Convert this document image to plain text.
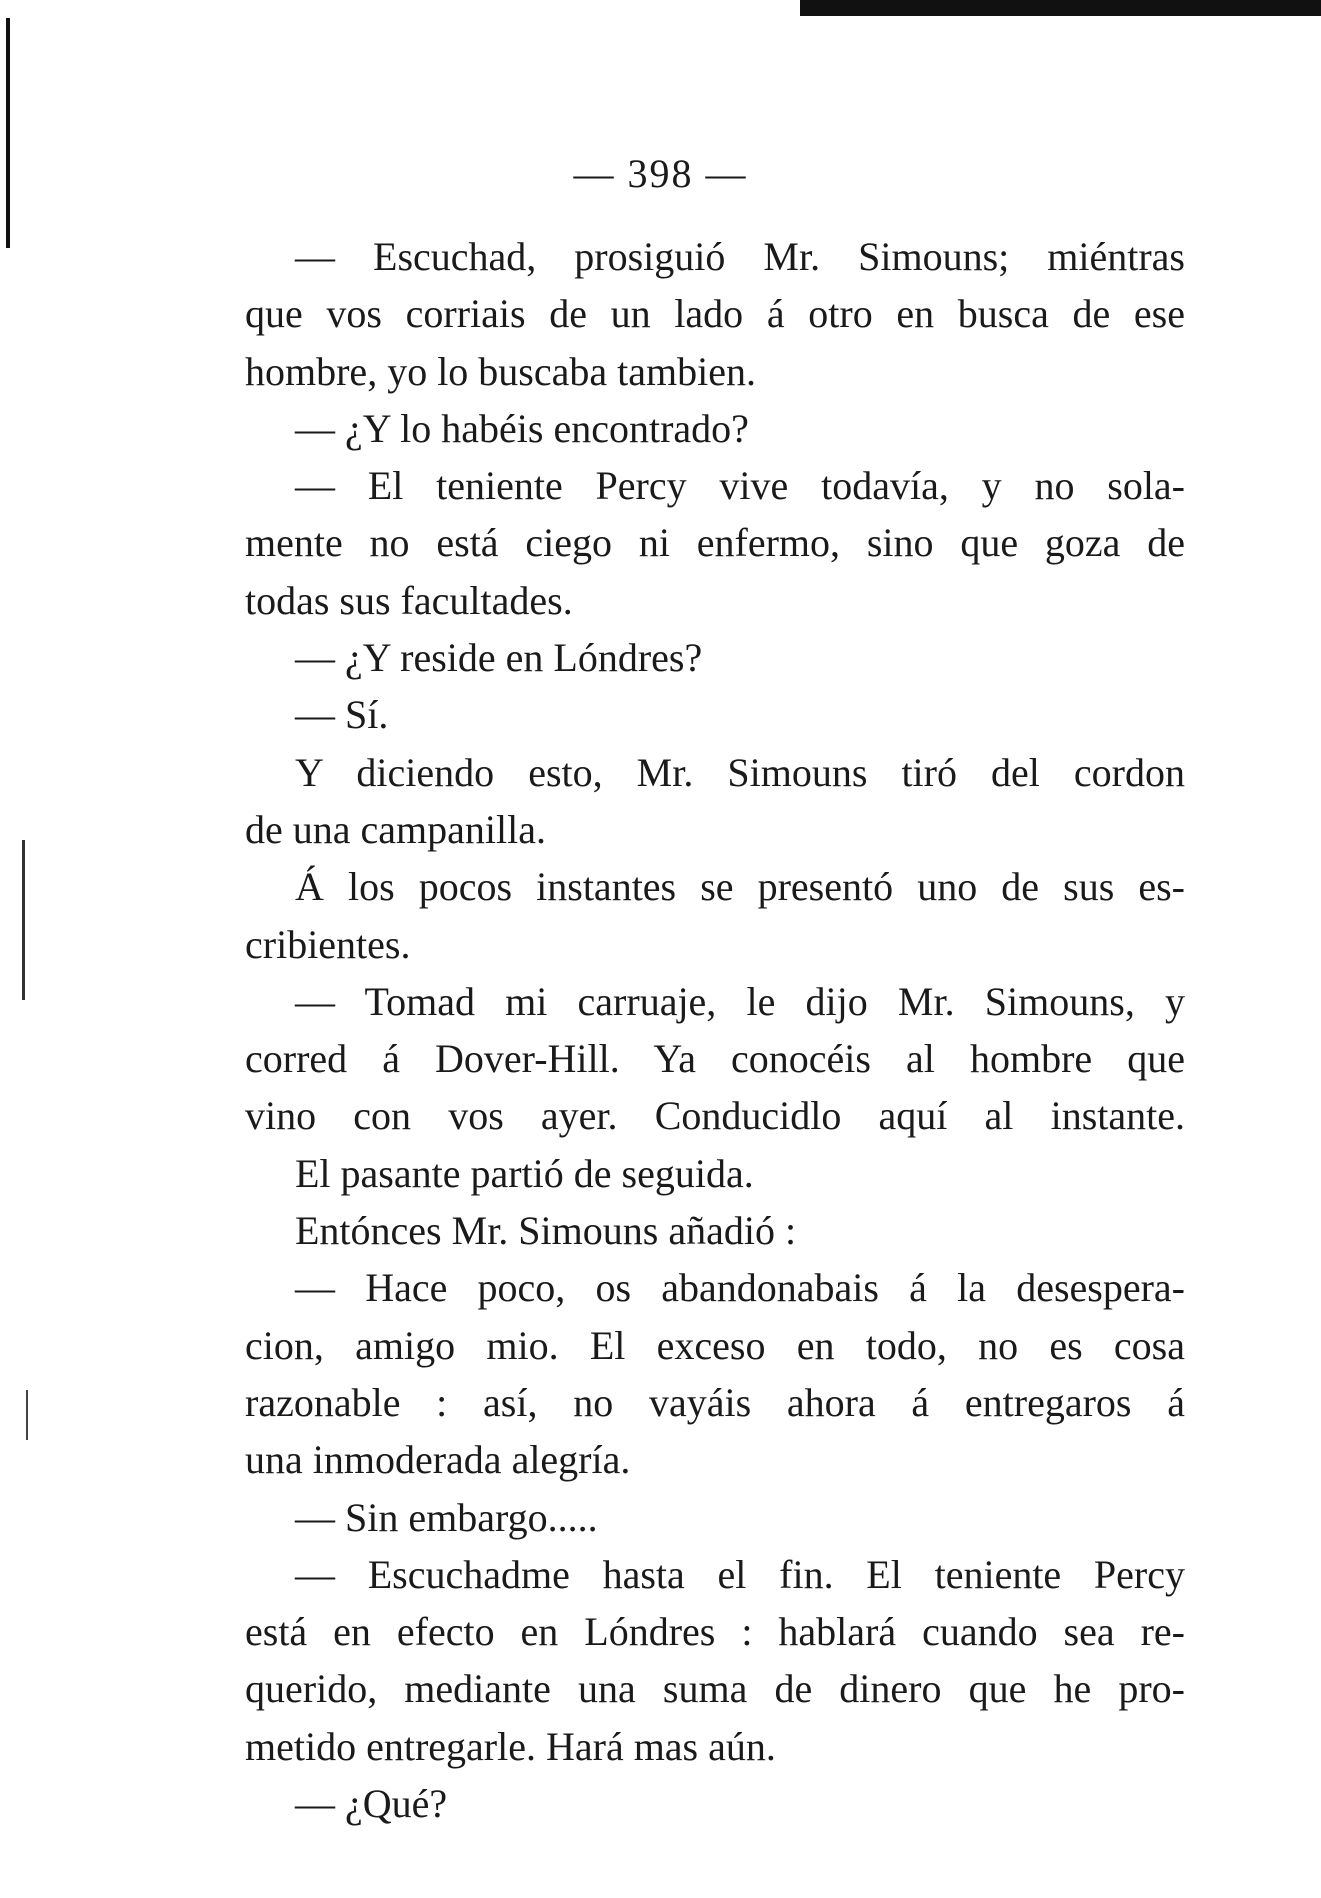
— 398 —
— Escuchad, prosiguió Mr. Simouns; miéntras
que vos corriais de un lado á otro en busca de ese
hombre, yo lo buscaba tambien.
— ¿Y lo habéis encontrado?
— El teniente Percy vive todavía, y no sola-
mente no está ciego ni enfermo, sino que goza de
todas sus facultades.
— ¿Y reside en Lóndres?
— Sí.
Y diciendo esto, Mr. Simouns tiró del cordon
de una campanilla.
Á los pocos instantes se presentó uno de sus es-
cribientes.
— Tomad mi carruaje, le dijo Mr. Simouns, y
corred á Dover-Hill. Ya conocéis al hombre que
vino con vos ayer. Conducidlo aquí al instante.
El pasante partió de seguida.
Entónces Mr. Simouns añadió :
— Hace poco, os abandonabais á la desespera-
cion, amigo mio. El exceso en todo, no es cosa
razonable : así, no vayáis ahora á entregaros á
una inmoderada alegría.
— Sin embargo.....
— Escuchadme hasta el fin. El teniente Percy
está en efecto en Lóndres : hablará cuando sea re-
querido, mediante una suma de dinero que he pro-
metido entregarle. Hará mas aún.
— ¿Qué?
